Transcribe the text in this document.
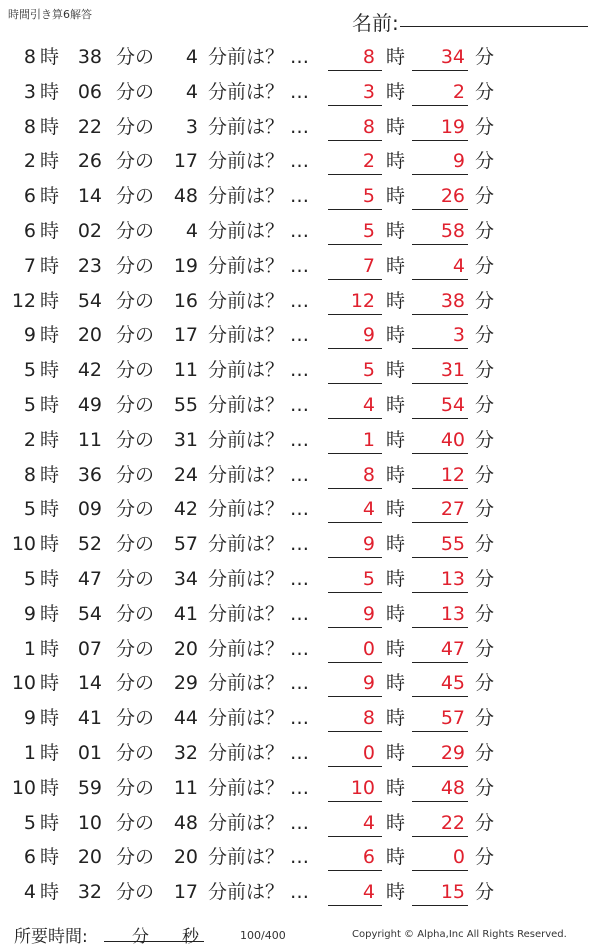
時間引き算6解答	名前:
8 時 38 分の	4 分前は？ …	8 時	34 分
3 時 06 分の	4 分前は？ …	3 時	2 分
8 時 22 分の	3 分前は？ …	8 時	19 分
2 時 26 分の 17 分前は？ …	2 時	9 分
6 時 14 分の 48 分前は？ …	5 時	26 分
6 時 02 分の	4 分前は？ …	5 時	58 分
7 時 23 分の 19 分前は？ …	7 時	4 分
12 時 54 分の 16 分前は？ …	12 時	38 分
9 時 20 分の 17 分前は？ …	9 時	3 分
5 時 42 分の 11 分前は？ …	5 時	31 分
5 時 49 分の 55 分前は？ …	4 時	54 分
2 時 11 分の 31 分前は？ …	1 時	40 分
8 時 36 分の 24 分前は？ …	8 時	12 分
5 時 09 分の 42 分前は？ …	4 時	27 分
10 時 52 分の 57 分前は？ …	9 時	55 分
5 時 47 分の 34 分前は？ …	5 時	13 分
9 時 54 分の 41 分前は？ …	9 時	13 分
1 時 07 分の 20 分前は？ …	0 時	47 分
10 時 14 分の 29 分前は？ …	9 時	45 分
9 時 41 分の 44 分前は？ …	8 時	57 分
1 時 01 分の 32 分前は？ …	0 時	29 分
10 時 59 分の 11 分前は？ …	10 時	48 分
5 時 10 分の 48 分前は？ …	4 時	22 分
6 時 20 分の 20 分前は？ …	6 時	0 分
4 時 32 分の 17 分前は？ …	4 時	15 分
所要時間:	分 秒	100/400	Copyright © Alpha,Inc All Rights Reserved.
